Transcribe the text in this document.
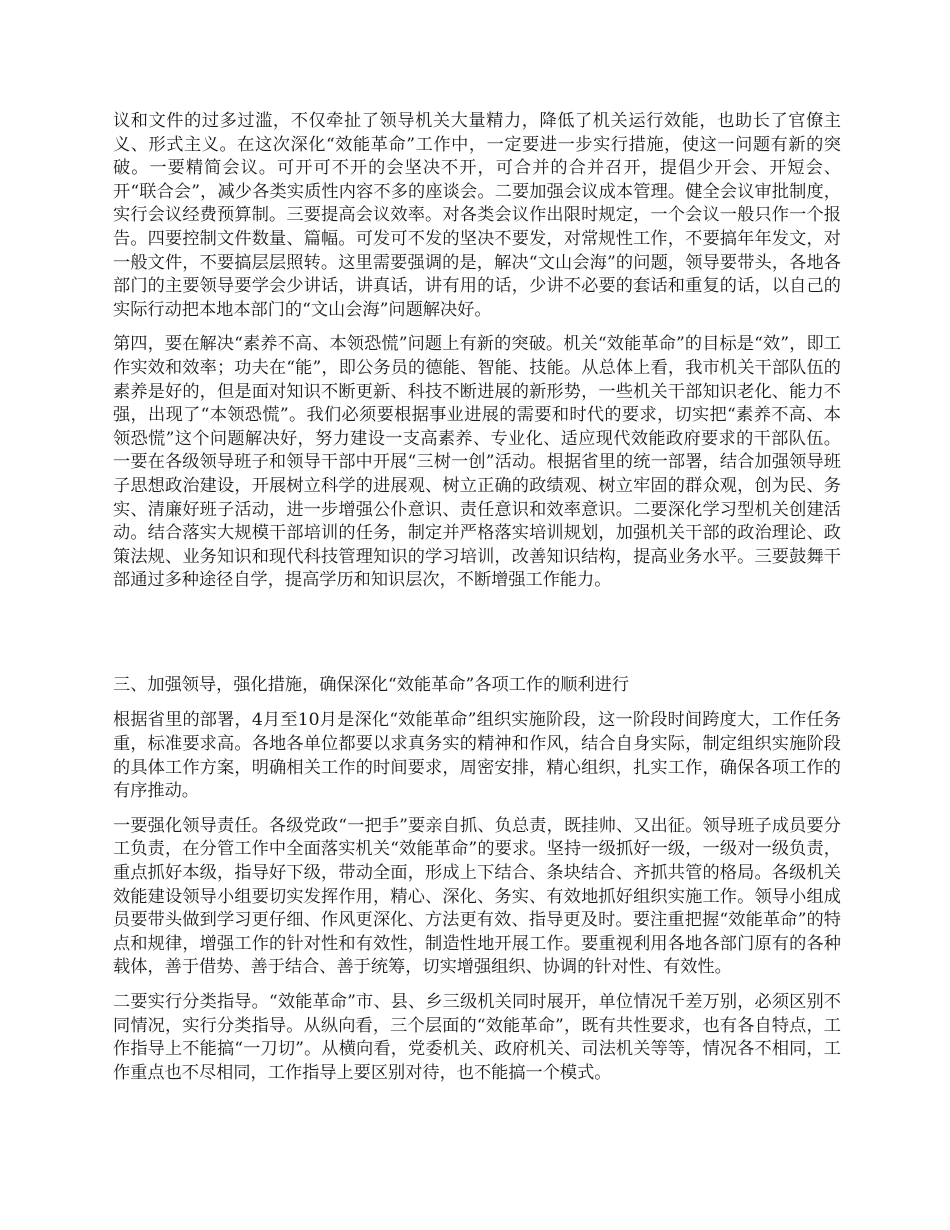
议和文件的过多过滥，不仅牵扯了领导机关大量精力，降低了机关运行效能，也助长了官僚主义、形式主义。在这次深化“效能革命”工作中，一定要进一步实行措施，使这一问题有新的突破。一要精简会议。可开可不开的会坚决不开，可合并的合并召开，提倡少开会、开短会、开“联合会”，减少各类实质性内容不多的座谈会。二要加强会议成本管理。健全会议审批制度，实行会议经费预算制。三要提高会议效率。对各类会议作出限时规定，一个会议一般只作一个报告。四要控制文件数量、篇幅。可发可不发的坚决不要发，对常规性工作，不要搞年年发文，对一般文件，不要搞层层照转。这里需要强调的是，解决“文山会海”的问题，领导要带头，各地各部门的主要领导要学会少讲话，讲真话，讲有用的话，少讲不必要的套话和重复的话，以自己的实际行动把本地本部门的“文山会海”问题解决好。

第四，要在解决“素养不高、本领恐慌”问题上有新的突破。机关“效能革命”的目标是“效”，即工作实效和效率；功夫在“能”，即公务员的德能、智能、技能。从总体上看，我市机关干部队伍的素养是好的，但是面对知识不断更新、科技不断进展的新形势，一些机关干部知识老化、能力不强，出现了“本领恐慌”。我们必须要根据事业进展的需要和时代的要求，切实把“素养不高、本领恐慌”这个问题解决好，努力建设一支高素养、专业化、适应现代效能政府要求的干部队伍。一要在各级领导班子和领导干部中开展“三树一创”活动。根据省里的统一部署，结合加强领导班子思想政治建设，开展树立科学的进展观、树立正确的政绩观、树立牢固的群众观，创为民、务实、清廉好班子活动，进一步增强公仆意识、责任意识和效率意识。二要深化学习型机关创建活动。结合落实大规模干部培训的任务，制定并严格落实培训规划，加强机关干部的政治理论、政策法规、业务知识和现代科技管理知识的学习培训，改善知识结构，提高业务水平。三要鼓舞干部通过多种途径自学，提高学历和知识层次，不断增强工作能力。

三、加强领导，强化措施，确保深化“效能革命”各项工作的顺利进行

根据省里的部署，4月至10月是深化“效能革命”组织实施阶段，这一阶段时间跨度大，工作任务重，标准要求高。各地各单位都要以求真务实的精神和作风，结合自身实际，制定组织实施阶段的具体工作方案，明确相关工作的时间要求，周密安排，精心组织，扎实工作，确保各项工作的有序推动。

一要强化领导责任。各级党政“一把手”要亲自抓、负总责，既挂帅、又出征。领导班子成员要分工负责，在分管工作中全面落实机关“效能革命”的要求。坚持一级抓好一级，一级对一级负责，重点抓好本级，指导好下级，带动全面，形成上下结合、条块结合、齐抓共管的格局。各级机关效能建设领导小组要切实发挥作用，精心、深化、务实、有效地抓好组织实施工作。领导小组成员要带头做到学习更仔细、作风更深化、方法更有效、指导更及时。要注重把握“效能革命”的特点和规律，增强工作的针对性和有效性，制造性地开展工作。要重视利用各地各部门原有的各种载体，善于借势、善于结合、善于统筹，切实增强组织、协调的针对性、有效性。

二要实行分类指导。“效能革命”市、县、乡三级机关同时展开，单位情况千差万别，必须区别不同情况，实行分类指导。从纵向看，三个层面的“效能革命”，既有共性要求，也有各自特点，工作指导上不能搞“一刀切”。从横向看，党委机关、政府机关、司法机关等等，情况各不相同，工作重点也不尽相同，工作指导上要区别对待，也不能搞一个模式。
